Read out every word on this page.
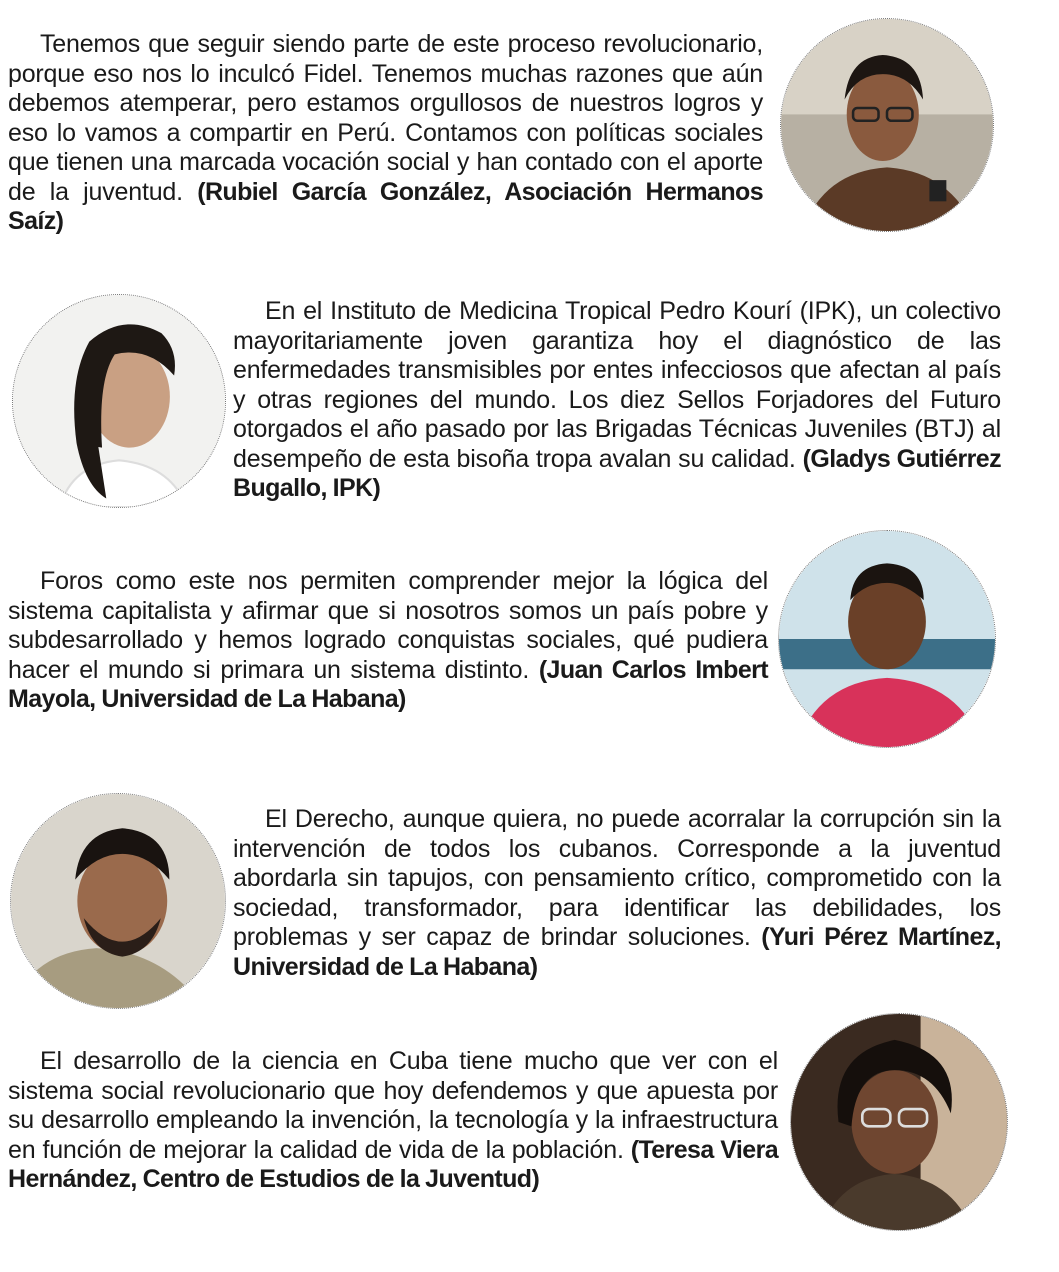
Tenemos que seguir siendo parte de este proceso revolucionario, porque eso nos lo inculcó Fidel. Tenemos muchas razones que aún debemos atemperar, pero estamos orgullosos de nuestros logros y eso lo vamos a compartir en Perú. Contamos con políticas sociales que tienen una marcada vocación social y han contado con el aporte de la juventud. (Rubiel García González, Asociación Hermanos Saíz)
En el Instituto de Medicina Tropical Pedro Kourí (IPK), un colectivo mayoritariamente joven garantiza hoy el diagnóstico de las enfermedades transmisibles por entes infecciosos que afectan al país y otras regiones del mundo. Los diez Sellos Forjadores del Futuro otorgados el año pasado por las Brigadas Técnicas Juveniles (BTJ) al desempeño de esta bisoña tropa avalan su calidad. (Gladys Gutiérrez Bugallo, IPK)
Foros como este nos permiten comprender mejor la lógica del sistema capitalista y afirmar que si nosotros somos un país pobre y subdesarrollado y hemos logrado conquistas sociales, qué pudiera hacer el mundo si primara un sistema distinto. (Juan Carlos Imbert Mayola, Universidad de La Habana)
El Derecho, aunque quiera, no puede acorralar la corrupción sin la intervención de todos los cubanos. Corresponde a la juventud abordarla sin tapujos, con pensamiento crítico, comprometido con la sociedad, transformador, para identificar las debilidades, los problemas y ser capaz de brindar soluciones. (Yuri Pérez Martínez, Universidad de La Habana)
El desarrollo de la ciencia en Cuba tiene mucho que ver con el sistema social revolucionario que hoy defendemos y que apuesta por su desarrollo empleando la invención, la tecnología y la infraestructura en función de mejorar la calidad de vida de la población. (Teresa Viera Hernández, Centro de Estudios de la Juventud)
